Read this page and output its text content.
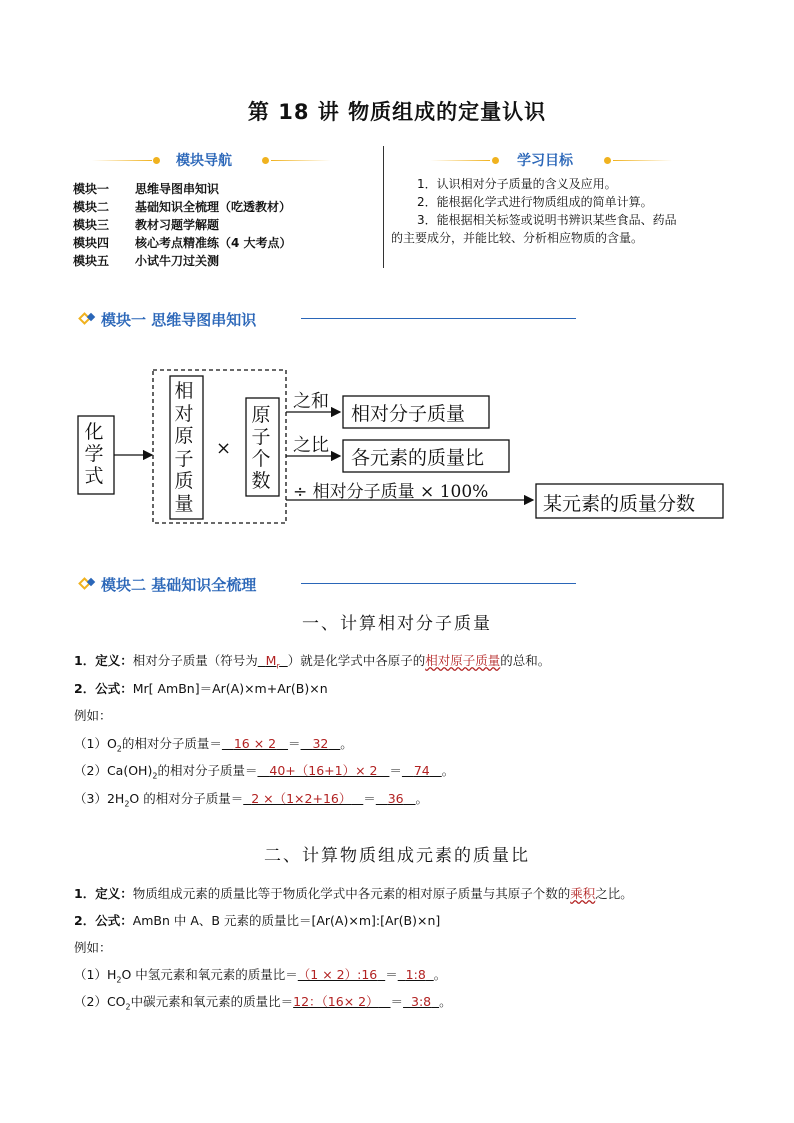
第 18 讲 物质组成的定量认识
模块导航
模块一 思维导图串知识
模块二 基础知识全梳理（吃透教材）
模块三 教材习题学解题
模块四 核心考点精准练（4 大考点）
模块五 小试牛刀过关测
学习目标
1．认识相对分子质量的含义及应用。
2．能根据化学式进行物质组成的简单计算。
3．能根据相关标签或说明书辨识某些食品、药品
的主要成分，并能比较、分析相应物质的含量。
模块一 思维导图串知识
化学式
相对原子质量
×
原子个数
之和
相对分子质量
之比
各元素的质量比
÷ 相对分子质量 × 100%
某元素的质量分数
模块二 基础知识全梳理
一、计算相对分子质量
1．定义：相对分子质量（符号为 $M_r$ ）就是化学式中各原子的相对原子质量的总和。
2．公式：Mr[ AmBn]＝Ar(A)×m+Ar(B)×n
例如：
$(1)O_2$的相对分子质量＝ 16 × 2 ＝ 32 。
$(2)Ca(OH)_2$的相对分子质量＝ 40+（16+1）× 2 ＝ 74 。
$(3)2H_2O$ 的相对分子质量＝ 2 ×（1×2+16） ＝ 36 。
二、计算物质组成元素的质量比
1．定义：物质组成元素的质量比等于物质化学式中各元素的相对原子质量与其原子个数的乘积之比。
2．公式：AmBn 中 A、B 元素的质量比＝[Ar(A)×m]:[Ar(B)×n]
例如：
$(1)H_2O$ 中氢元素和氧元素的质量比＝（1 × 2）:16 ＝ 1:8 。
$(2)CO_2$中碳元素和氧元素的质量比＝12：（16× 2） ＝ 3:8 。
